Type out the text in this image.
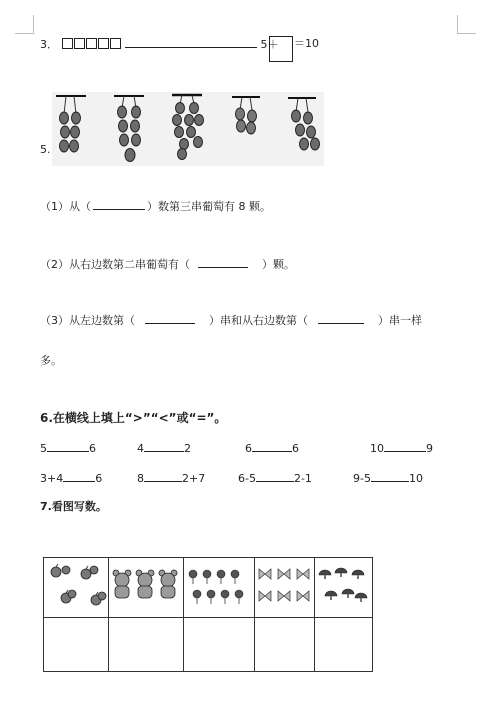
3．	5＋ ＝10
5.
（1）从（	）数第三串葡萄有 8 颗。
（2）从右边数第二串葡萄有（	）颗。
（3）从左边数第（	）串和从右边数第（	）串一样
多。
6.在横线上填上“>”“<”或“=”。
5	6	4	2	6	6	10	9
3+4	6	8	2+7	6-5	2-1	9-5	10
7.看图写数。
